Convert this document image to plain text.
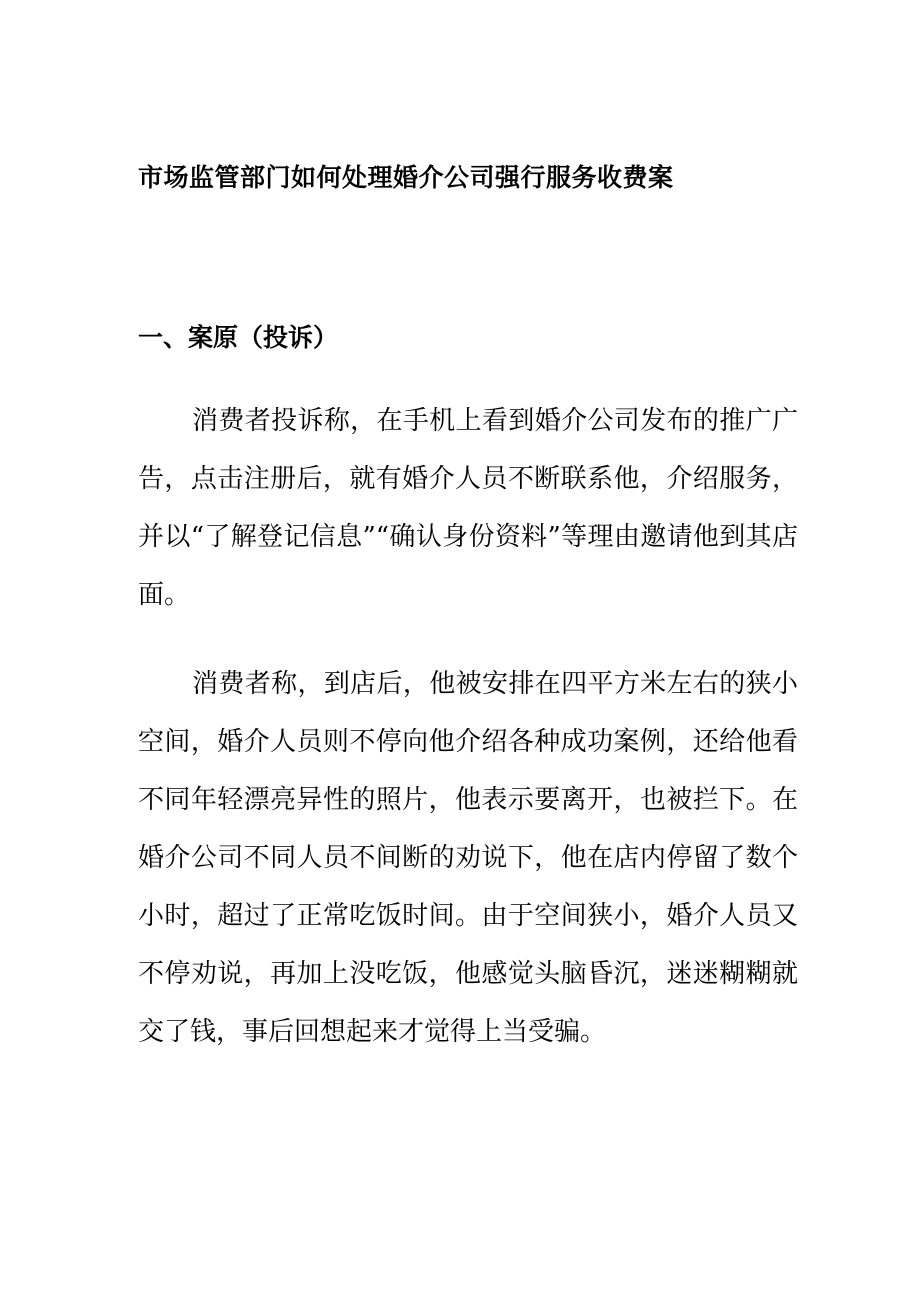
市场监管部门如何处理婚介公司强行服务收费案
一、案原（投诉）

消费者投诉称，在手机上看到婚介公司发布的推广广告，点击注册后，就有婚介人员不断联系他，介绍服务，并以“了解登记信息”“确认身份资料”等理由邀请他到其店面。

消费者称，到店后，他被安排在四平方米左右的狭小空间，婚介人员则不停向他介绍各种成功案例，还给他看不同年轻漂亮异性的照片，他表示要离开，也被拦下。在婚介公司不同人员不间断的劝说下，他在店内停留了数个小时，超过了正常吃饭时间。由于空间狭小，婚介人员又不停劝说，再加上没吃饭，他感觉头脑昏沉，迷迷糊糊就交了钱，事后回想起来才觉得上当受骗。
